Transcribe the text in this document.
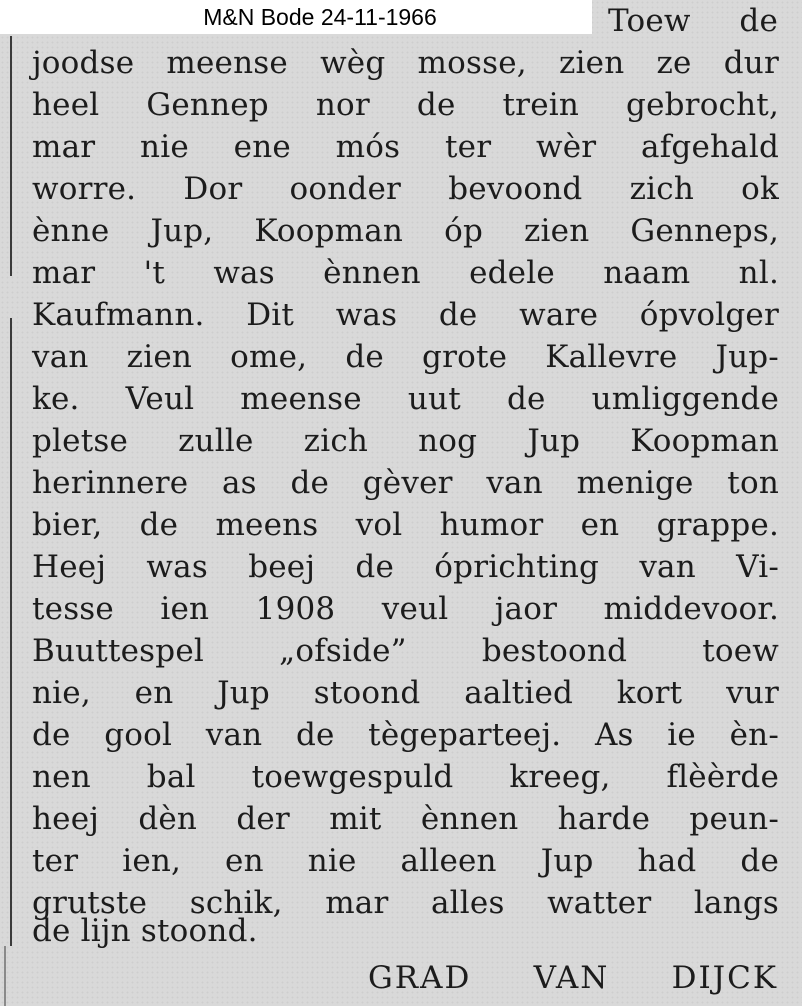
M&N Bode 24-11-1966	Toew de
joodse meense wèg mosse, zien ze dur
heel Gennep nor de trein gebrocht,
mar nie ene mós ter wèr afgehald
worre. Dor oonder bevoond zich ok
ènne Jup, Koopman óp zien Genneps,
mar 't was ènnen edele naam nl.
Kaufmann. Dit was de ware ópvolger
van zien ome, de grote Kallevre Jup-
ke. Veul meense uut de umliggende
pletse zulle zich nog Jup Koopman
herinnere as de gèver van menige ton
bier, de meens vol humor en grappe.
Heej was beej de óprichting van Vi-
tesse ien 1908 veul jaor middevoor.
Buuttespel „ofside” bestoond toew
nie, en Jup stoond aaltied kort vur
de gool van de tègeparteej. As ie èn-
nen bal toewgespuld kreeg, flèèrde
heej dèn der mit ènnen harde peun-
ter ien, en nie alleen Jup had de
grutste schik, mar alles watter langs
de lijn stoond.
GRAD VAN DIJCK
